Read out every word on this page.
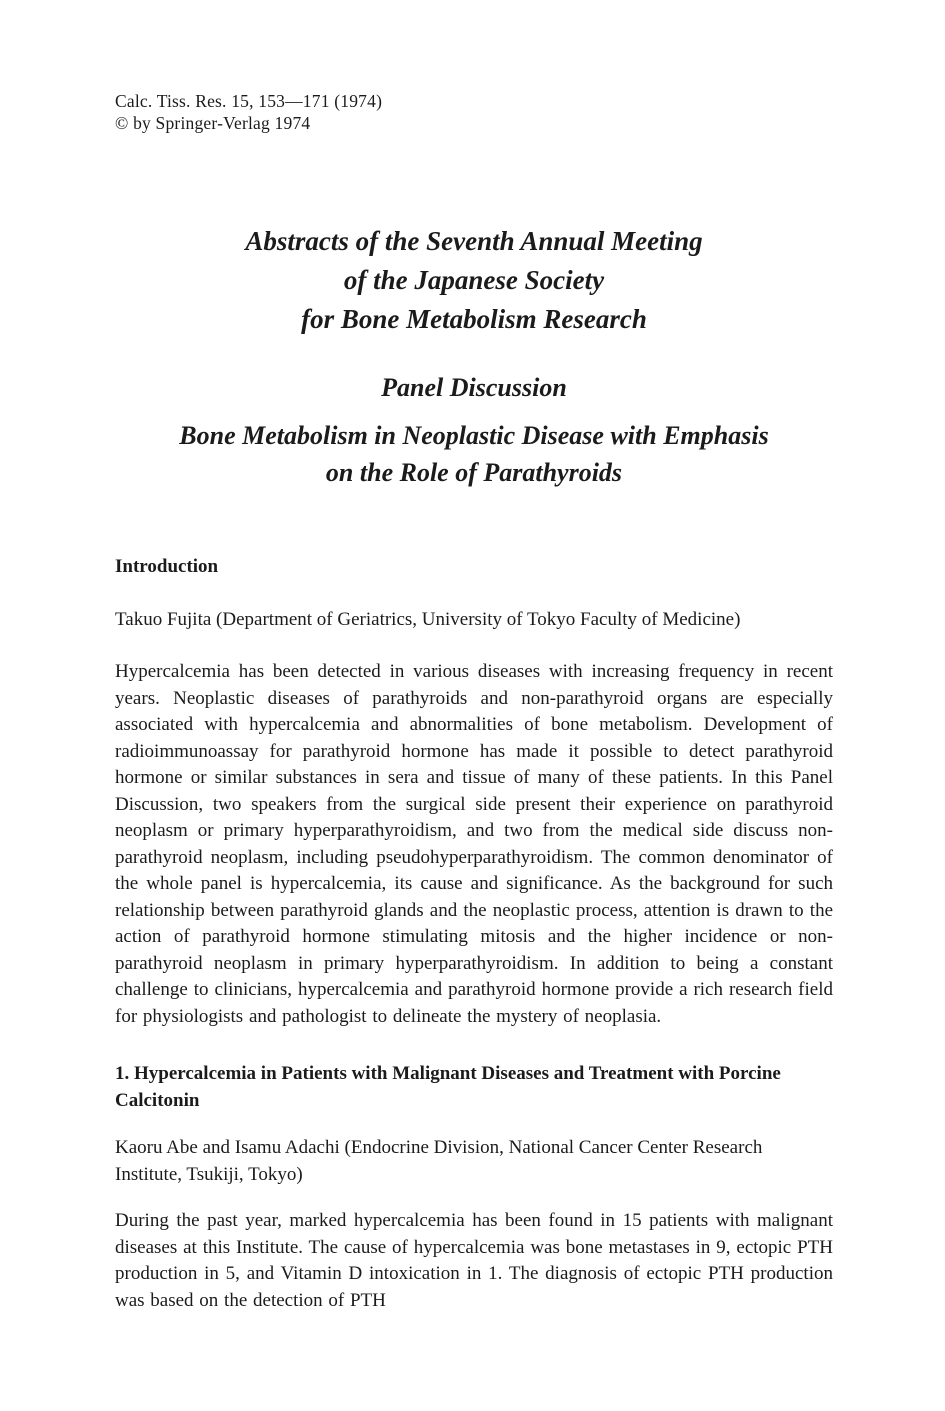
Calc. Tiss. Res. 15, 153—171 (1974)
© by Springer-Verlag 1974
Abstracts of the Seventh Annual Meeting
of the Japanese Society
for Bone Metabolism Research
Panel Discussion
Bone Metabolism in Neoplastic Disease with Emphasis
on the Role of Parathyroids
Introduction

Takuo Fujita (Department of Geriatrics, University of Tokyo Faculty of Medicine)

Hypercalcemia has been detected in various diseases with increasing frequency in recent years. Neoplastic diseases of parathyroids and non-parathyroid organs are especially associated with hypercalcemia and abnormalities of bone metabolism. Development of radioimmunoassay for parathyroid hormone has made it possible to detect parathyroid hormone or similar substances in sera and tissue of many of these patients. In this Panel Discussion, two speakers from the surgical side present their experience on parathyroid neoplasm or primary hyperparathyroidism, and two from the medical side discuss non-parathyroid neoplasm, including pseudohyperparathyroidism. The common denominator of the whole panel is hypercalcemia, its cause and significance. As the background for such relationship between parathyroid glands and the neoplastic process, attention is drawn to the action of parathyroid hormone stimulating mitosis and the higher incidence or non-parathyroid neoplasm in primary hyperparathyroidism. In addition to being a constant challenge to clinicians, hypercalcemia and parathyroid hormone provide a rich research field for physiologists and pathologist to delineate the mystery of neoplasia.

1. Hypercalcemia in Patients with Malignant Diseases and Treatment with Porcine Calcitonin

Kaoru Abe and Isamu Adachi (Endocrine Division, National Cancer Center Research Institute, Tsukiji, Tokyo)

During the past year, marked hypercalcemia has been found in 15 patients with malignant diseases at this Institute. The cause of hypercalcemia was bone metastases in 9, ectopic PTH production in 5, and Vitamin D intoxication in 1. The diagnosis of ectopic PTH production was based on the detection of PTH
